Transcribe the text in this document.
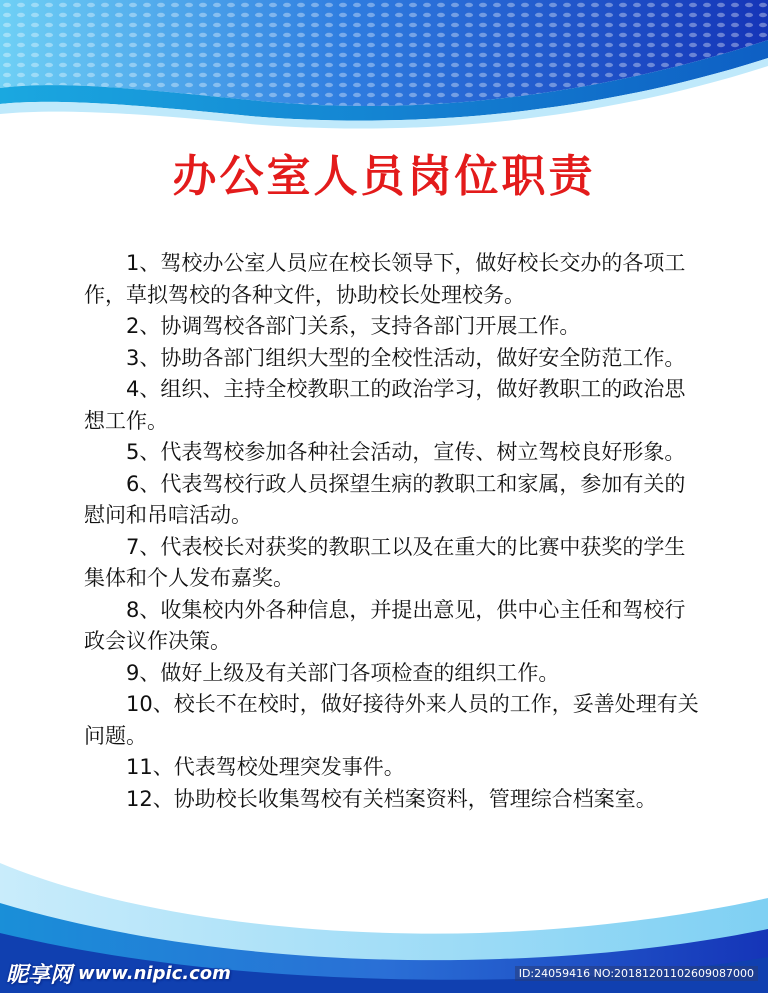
办公室人员岗位职责

1、驾校办公室人员应在校长领导下，做好校长交办的各项工作，草拟驾校的各种文件，协助校长处理校务。

2、协调驾校各部门关系，支持各部门开展工作。

3、协助各部门组织大型的全校性活动，做好安全防范工作。

4、组织、主持全校教职工的政治学习，做好教职工的政治思想工作。

5、代表驾校参加各种社会活动，宣传、树立驾校良好形象。

6、代表驾校行政人员探望生病的教职工和家属，参加有关的慰问和吊唁活动。

7、代表校长对获奖的教职工以及在重大的比赛中获奖的学生集体和个人发布嘉奖。

8、收集校内外各种信息，并提出意见，供中心主任和驾校行政会议作决策。

9、做好上级及有关部门各项检查的组织工作。

10、校长不在校时，做好接待外来人员的工作，妥善处理有关问题。

11、代表驾校处理突发事件。

12、协助校长收集驾校有关档案资料，管理综合档案室。

昵享网 www.nipic.com	ID:24059416 NO:20181201102609087000
